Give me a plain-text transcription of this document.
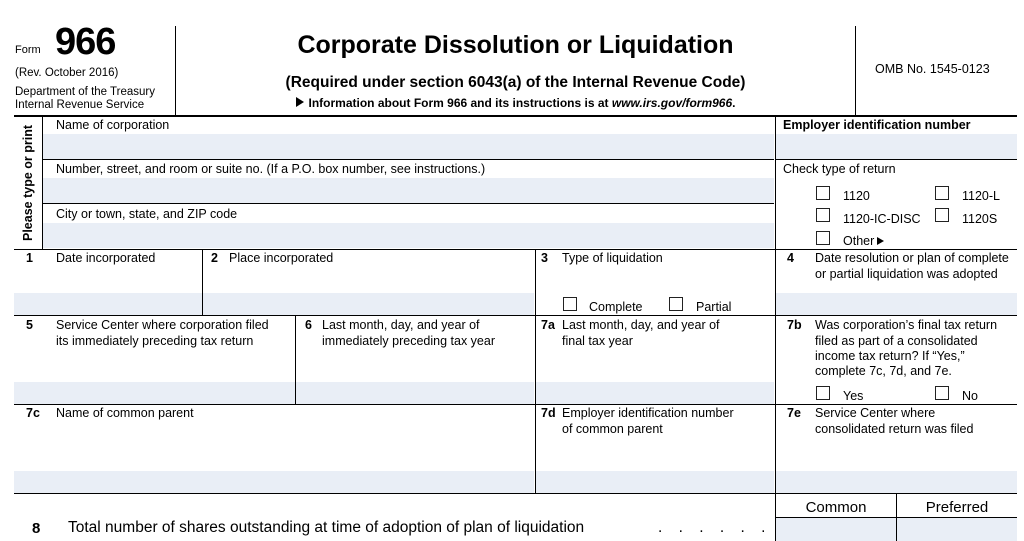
Form 966
(Rev. October 2016)
Department of the Treasury
Internal Revenue Service
Corporate Dissolution or Liquidation
(Required under section 6043(a) of the Internal Revenue Code)
Information about Form 966 and its instructions is at www.irs.gov/form966.
OMB No. 1545-0123
Please type or print Name of corporation
Number, street, and room or suite no. (If a P.O. box number, see instructions.)
City or town, state, and ZIP code
Employer identification number
Check type of return
1120	1120-L
1120-IC-DISC	1120S
Other
1 Date incorporated	2 Place incorporated	3 Type of liquidation
Complete	Partial
4 Date resolution or plan of complete
or partial liquidation was adopted
5 Service Center where corporation filed
its immediately preceding tax return
6 Last month, day, and year of
immediately preceding tax year
7a Last month, day, and year of
final tax year
7b Was corporation’s final tax return
filed as part of a consolidated
income tax return? If “Yes,”
complete 7c, 7d, and 7e.
Yes	No
7c Name of common parent	7d Employer identification number
of common parent
7e Service Center where
consolidated return was filed
Common	Preferred
8 Total number of shares outstanding at time of adoption of plan of liquidation	. . . . . .
